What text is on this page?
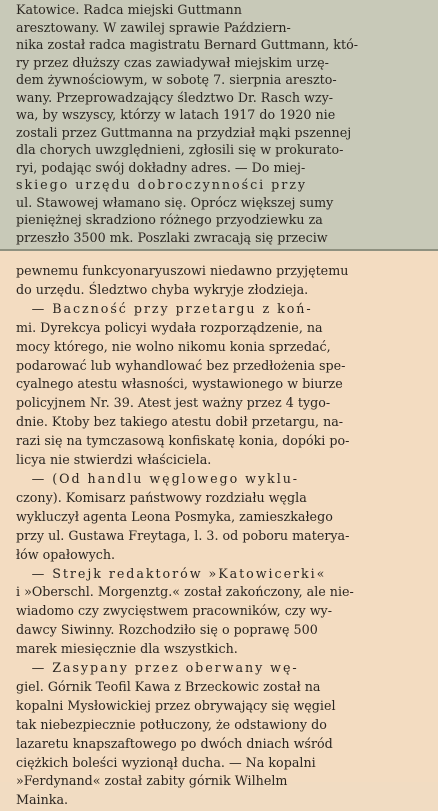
Katowice. Radca miejski Guttmann
aresztowany. W zawilej sprawie Październ-
nika został radca magistratu Bernard Guttmann, któ-
ry przez dłuższy czas zawiadywał miejskim urzę-
dem żywnościowym, w sobotę 7. sierpnia areszto-
wany. Przeprowadzający śledztwo Dr. Rasch wzy-
wa, by wszyscy, którzy w latach 1917 do 1920 nie
zostali przez Guttmanna na przydział mąki pszennej
dla chorych uwzględnieni, zgłosili się w prokurato-
ryi, podając swój dokładny adres. — Do miej-
skiego urzędu dobroczynności przy
ul. Stawowej włamano się. Oprócz większej sumy
pieniężnej skradziono różnego przyodziewku za
przeszło 3500 mk. Poszlaki zwracają się przeciw
pewnemu funkcyonaryuszowi niedawno przyjętemu
do urzędu. Śledztwo chyba wykryje złodzieja.
— Baczność przy przetargu z koń-
mi. Dyrekcya policyi wydała rozporządzenie, na
mocy którego, nie wolno nikomu konia sprzedać,
podarować lub wyhandlować bez przedłożenia spe-
cyalnego atestu własności, wystawionego w biurze
policyjnem Nr. 39. Atest jest ważny przez 4 tygo-
dnie. Ktoby bez takiego atestu dobił przetargu, na-
razi się na tymczasową konfiskatę konia, dopóki po-
licya nie stwierdzi właściciela.
— (Od handlu węglowego wyklu-
czony). Komisarz państwowy rozdziału węgla
wykluczył agenta Leona Posmyka, zamieszkałego
przy ul. Gustawa Freytaga, l. 3. od poboru materya-
łów opałowych.
— Strejk redaktorów »Katowicerki«
i »Oberschl. Morgenztg.« został zakończony, ale nie-
wiadomo czy zwycięstwem pracowników, czy wy-
dawcy Siwinny. Rozchodziło się o poprawę 500
marek miesięcznie dla wszystkich.
— Zasypany przez oberwany wę-
giel. Górnik Teofil Kawa z Brzeckowic został na
kopalni Mysłowickiej przez obrywający się węgiel
tak niebezpiecznie potłuczony, że odstawiony do
lazaretu knapszaftowego po dwóch dniach wśród
ciężkich boleści wyzionął ducha. — Na kopalni
»Ferdynand« został zabity górnik Wilhelm
Mainka.
